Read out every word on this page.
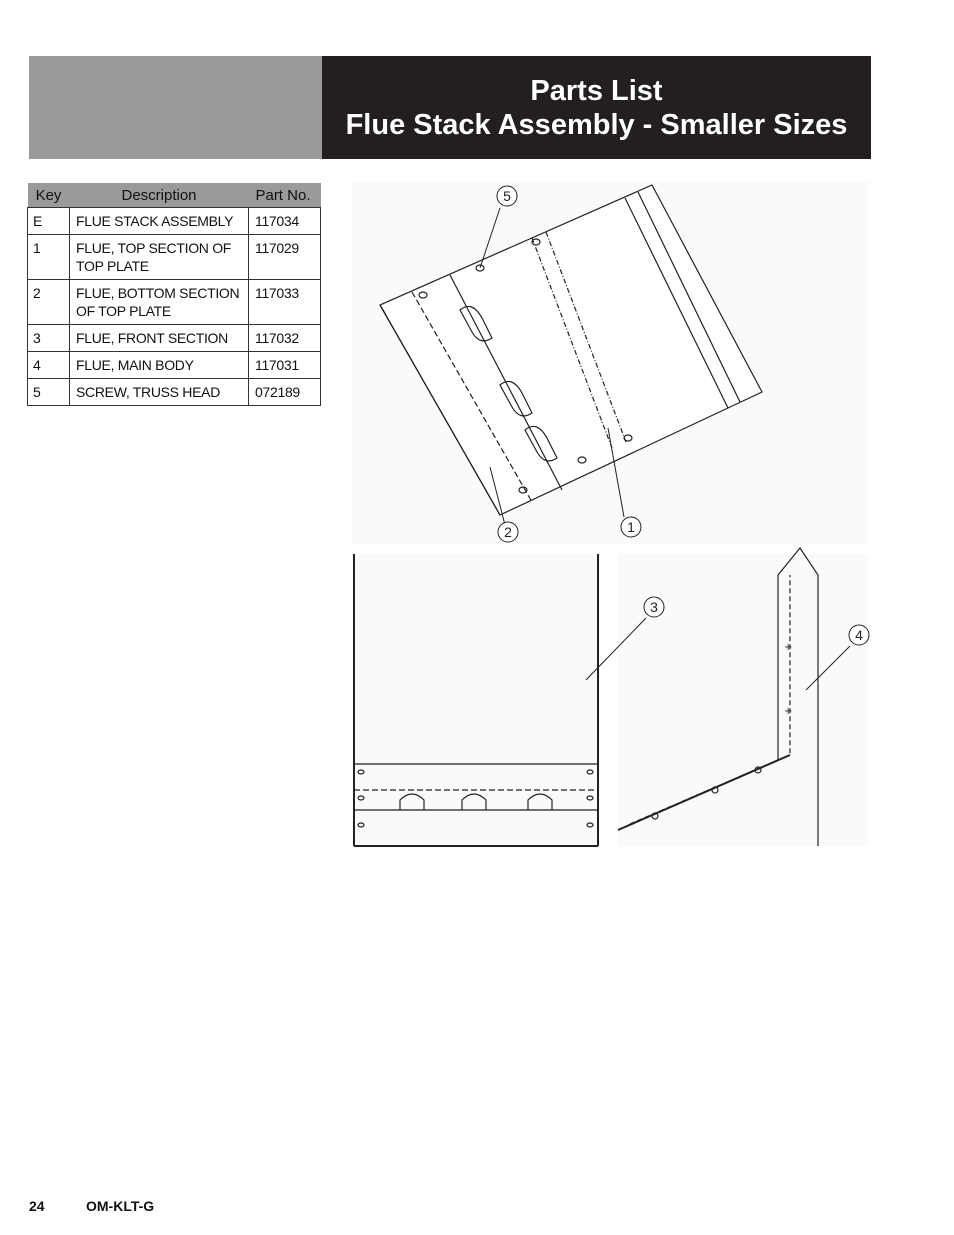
Parts List
Flue Stack Assembly - Smaller Sizes
Key	Description	Part No.
E	FLUE STACK ASSEMBLY	117034
1	FLUE, TOP SECTION OF
TOP PLATE	117029
2	FLUE, BOTTOM SECTION
OF TOP PLATE	117033
3	FLUE, FRONT SECTION	117032
4	FLUE, MAIN BODY	117031
5	SCREW, TRUSS HEAD	072189
+
+
5
2	1
3
4
24	OM-KLT-G
